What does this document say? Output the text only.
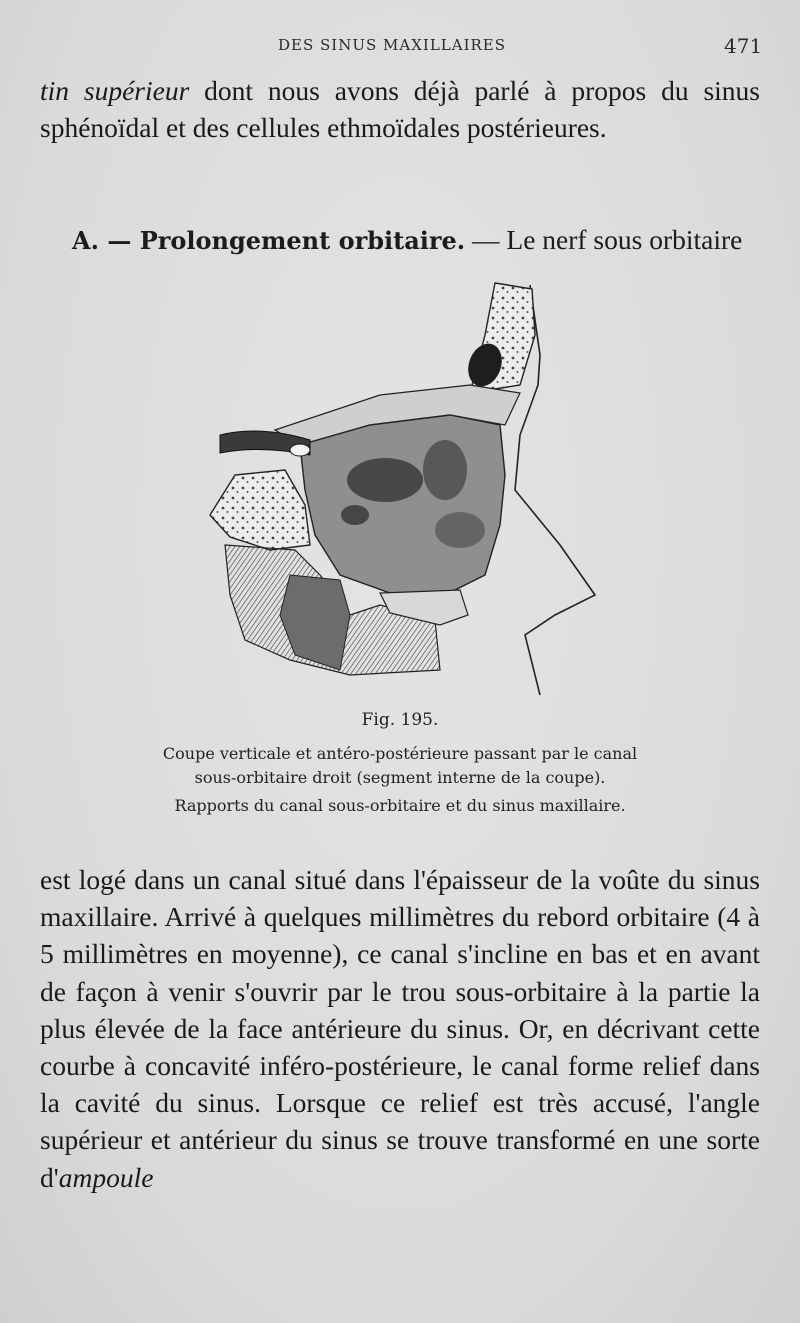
DES SINUS MAXILLAIRES	471

tin supérieur dont nous avons déjà parlé à propos du sinus sphénoïdal et des cellules ethmoïdales postérieures.

A. — Prolongement orbitaire. — Le nerf sous orbitaire
Fig. 195.
Coupe verticale et antéro-postérieure passant par le canal
sous-orbitaire droit (segment interne de la coupe).
Rapports du canal sous-orbitaire et du sinus maxillaire.

est logé dans un canal situé dans l'épaisseur de la voûte du sinus maxillaire. Arrivé à quelques millimètres du rebord orbitaire (4 à 5 millimètres en moyenne), ce canal s'incline en bas et en avant de façon à venir s'ouvrir par le trou sous-orbitaire à la partie la plus élevée de la face antérieure du sinus. Or, en décrivant cette courbe à concavité inféro-postérieure, le canal forme relief dans la cavité du sinus. Lorsque ce relief est très accusé, l'angle supérieur et antérieur du sinus se trouve transformé en une sorte d'ampoule
